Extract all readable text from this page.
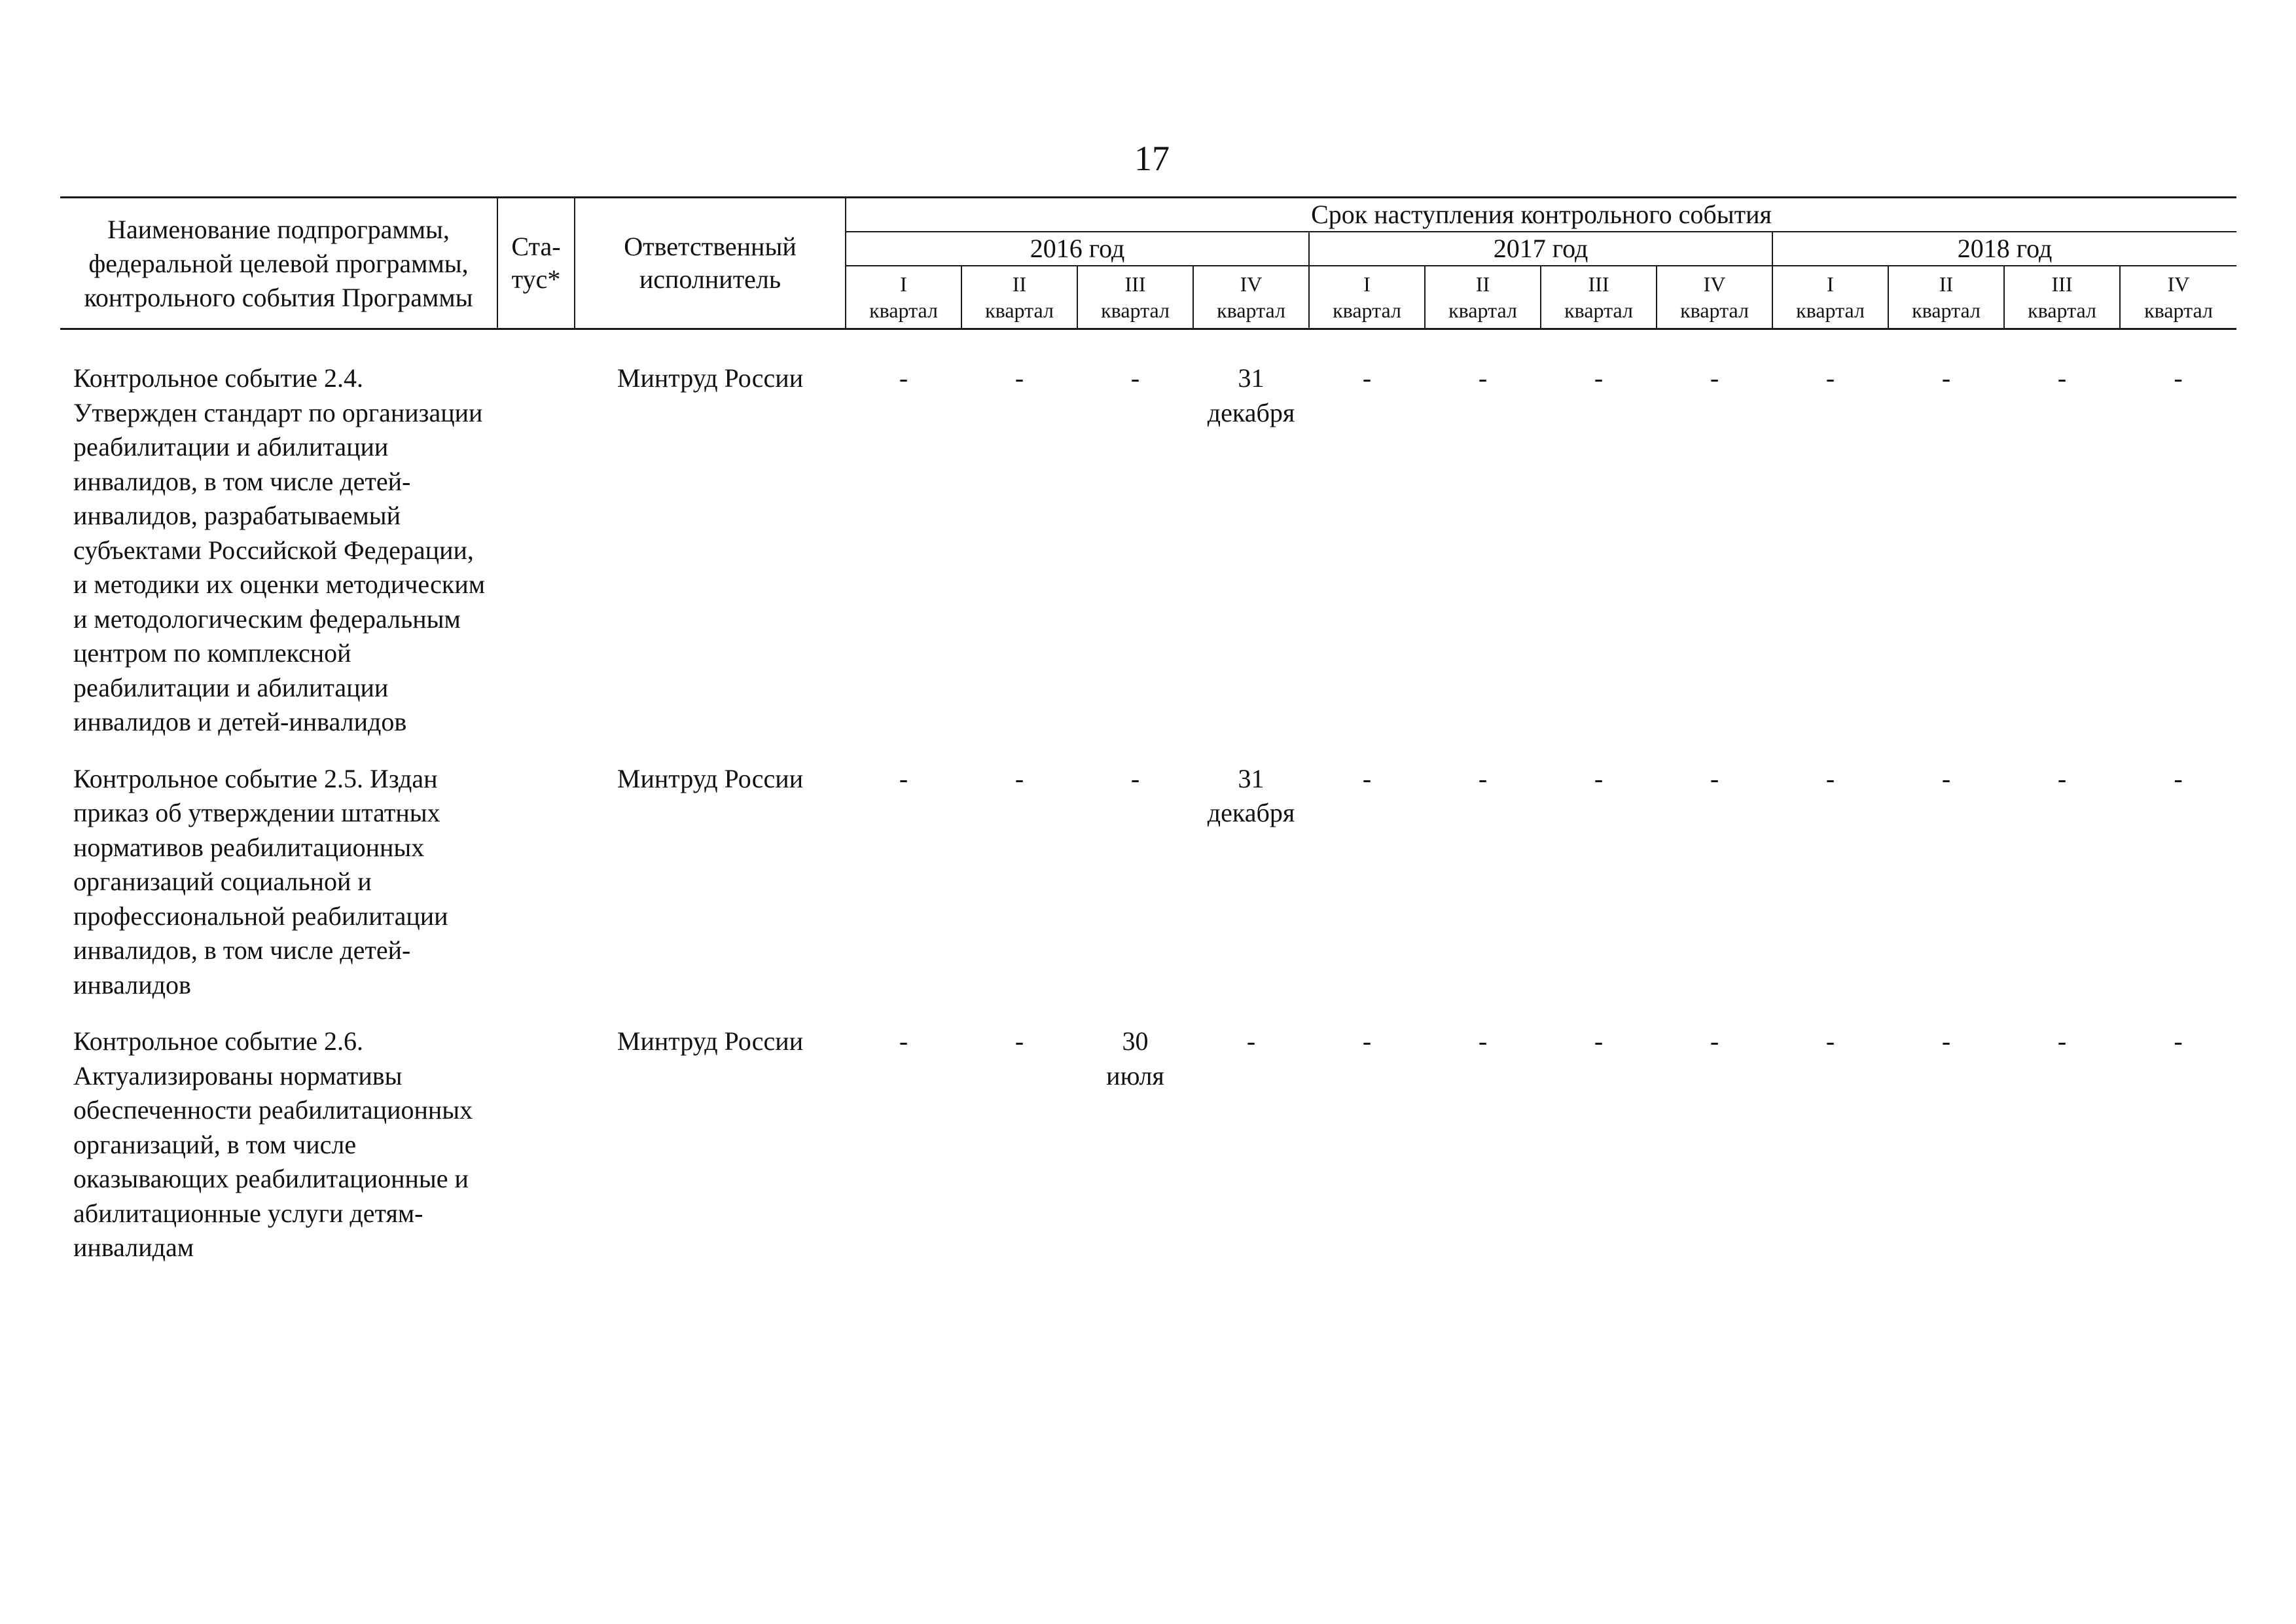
17
Наименование подпрограммы, федеральной целевой программы, контрольного события Программы	Ста-
тус*	Ответственный исполнитель	Срок наступления контрольного события											
			2016 год				2017 год				2018 год			

			I
квартал	II
квартал	III
квартал	IV
квартал	I
квартал	II
квартал	III
квартал	IV
квартал	I
квартал	II
квартал	III
квартал	IV
квартал

Контрольное событие 2.4. Утвержден стандарт по организации реабилитации и абилитации инвалидов, в том числе детей-инвалидов, разрабатываемый субъектами Российской Федерации, и методики их оценки методическим и методологическим федеральным центром по комплексной реабилитации и абилитации инвалидов и детей-инвалидов		Минтруд России	-	-	-	31
декабря	-	-	-	-	-	-	-	-

Контрольное событие 2.5. Издан приказ об утверждении штатных нормативов реабилитационных организаций социальной и профессиональной реабилитации инвалидов, в том числе детей-инвалидов		Минтруд России	-	-	-	31
декабря	-	-	-	-	-	-	-	-

Контрольное событие 2.6. Актуализированы нормативы обеспеченности реабилитационных организаций, в том числе оказывающих реабилитационные и абилитационные услуги детям-инвалидам		Минтруд России	-	-	30
июля	-	-	-	-	-	-	-	-	-
